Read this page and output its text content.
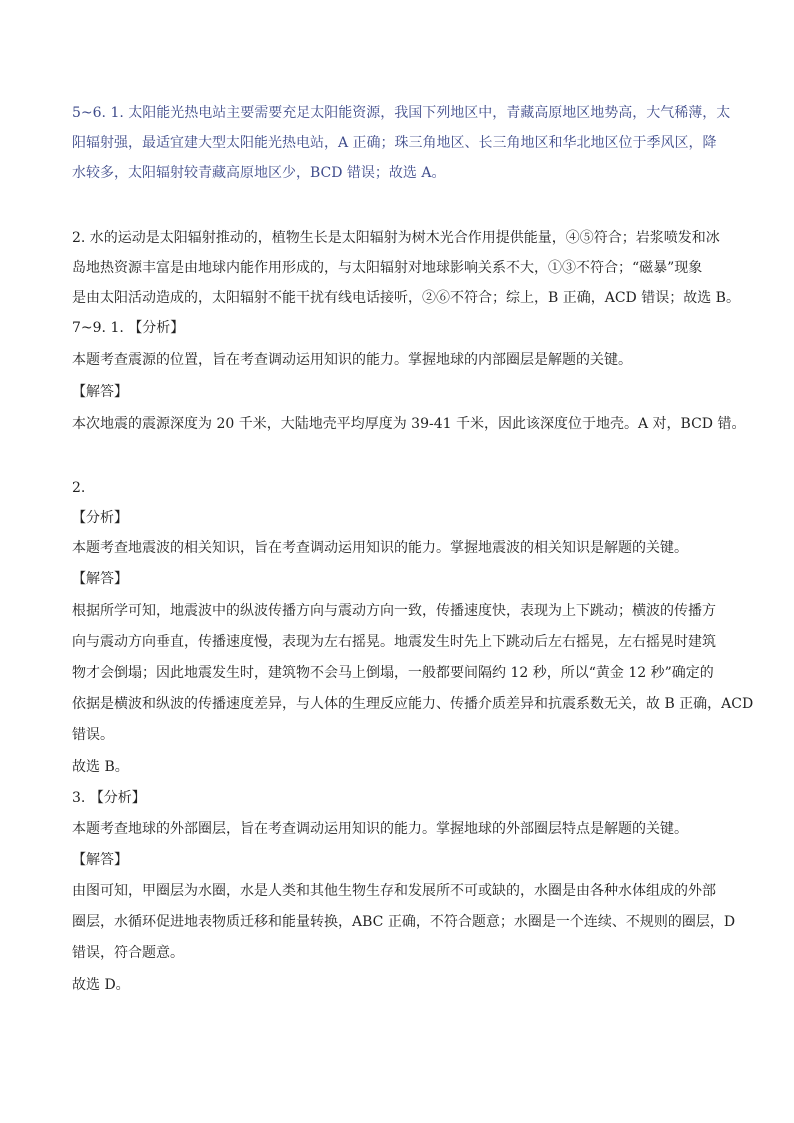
5~6. 1. 太阳能光热电站主要需要充足太阳能资源，我国下列地区中，青藏高原地区地势高，大气稀薄，太

阳辐射强，最适宜建大型太阳能光热电站，A 正确；珠三角地区、长三角地区和华北地区位于季风区，降

水较多，太阳辐射较青藏高原地区少，BCD 错误；故选 A。

2. 水的运动是太阳辐射推动的，植物生长是太阳辐射为树木光合作用提供能量，④⑤符合；岩浆喷发和冰

岛地热资源丰富是由地球内能作用形成的，与太阳辐射对地球影响关系不大，①③不符合；“磁暴”现象

是由太阳活动造成的，太阳辐射不能干扰有线电话接听，②⑥不符合；综上，B 正确，ACD 错误；故选 B。

7~9. 1. 【分析】

本题考查震源的位置，旨在考查调动运用知识的能力。掌握地球的内部圈层是解题的关键。

【解答】

本次地震的震源深度为 20 千米，大陆地壳平均厚度为 39-41 千米，因此该深度位于地壳。A 对，BCD 错。

2.

【分析】

本题考查地震波的相关知识，旨在考查调动运用知识的能力。掌握地震波的相关知识是解题的关键。

【解答】

根据所学可知，地震波中的纵波传播方向与震动方向一致，传播速度快，表现为上下跳动；横波的传播方

向与震动方向垂直，传播速度慢，表现为左右摇晃。地震发生时先上下跳动后左右摇晃，左右摇晃时建筑

物才会倒塌；因此地震发生时，建筑物不会马上倒塌，一般都要间隔约 12 秒，所以“黄金 12 秒”确定的

依据是横波和纵波的传播速度差异，与人体的生理反应能力、传播介质差异和抗震系数无关，故 B 正确，ACD

错误。

故选 B。

3. 【分析】

本题考查地球的外部圈层，旨在考查调动运用知识的能力。掌握地球的外部圈层特点是解题的关键。

【解答】

由图可知，甲圈层为水圈，水是人类和其他生物生存和发展所不可或缺的，水圈是由各种水体组成的外部

圈层，水循环促进地表物质迁移和能量转换，ABC 正确，不符合题意；水圈是一个连续、不规则的圈层，D

错误，符合题意。

故选 D。
